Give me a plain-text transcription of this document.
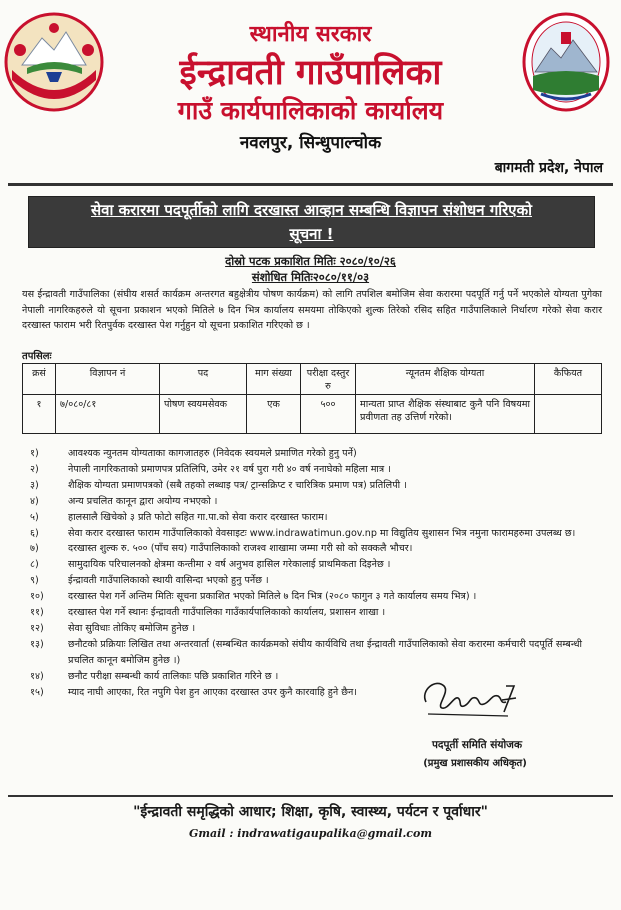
स्थानीय सरकार
ईन्द्रावती गाउँपालिका
गाउँ कार्यपालिकाको कार्यालय
नवलपुर, सिन्धुपाल्चोक
बागमती प्रदेश, नेपाल
सेवा करारमा पदपूर्तीको लागि दरखास्त आव्हान सम्बन्धि विज्ञापन संशोधन गरिएको
सूचना !
दोस्रो पटक प्रकाशित मितिः २०८०/१०/२६
संशोधित मितिः२०८०/११/०३
यस ईन्द्रावती गाउँपालिका (संघीय शसर्त कार्यक्रम अन्तरगत बहुक्षेत्रीय पोषण कार्यक्रम) को लागि तपशिल बमोजिम सेवा करारमा पदपूर्ति गर्नु पर्ने भएकोले योग्यता पुगेका नेपाली नागरिकहरुले यो सूचना प्रकाशन भएको मितिले ७ दिन भित्र कार्यालय समयमा तोकिएको शुल्क तिरेको रसिद सहित गाउँपालिकाले निर्धारण गरेको सेवा करार दरखास्त फाराम भरी रितपुर्वक दरखास्त पेश गर्नुहुन यो सूचना प्रकाशित गरिएको छ ।
तपसिलः
क्रसं	विज्ञापन नं	पद	माग संख्या	परीक्षा दस्तुर रु	न्यूनतम शैक्षिक योग्यता	कैफियत
१	७/०८०/८१	पोषण स्वयमसेवक	एक	५००	मान्यता प्राप्त शैक्षिक संस्थाबाट कुनै पनि विषयमा प्रवीणता तह उत्तिर्ण गरेको।	
१)	आवश्यक न्युनतम योग्यताका कागजातहरु (निवेदक स्वयमले प्रमाणित गरेको हुनु पर्ने)
२)	नेपाली नागरिकताको प्रमाणपत्र प्रतिलिपि, उमेर २१ वर्ष पुरा गरी ४० वर्ष ननाघेको महिला मात्र ।
३)	शैक्षिक योग्यता प्रमाणपत्रको (सबै तहको लब्धाइ पत्र/ ट्रान्सक्रिप्ट र चारित्रिक प्रमाण पत्र) प्रतिलिपी ।
४)	अन्य प्रचलित कानून द्वारा अयोग्य नभएको ।
५)	हालसालै खिचेको ३ प्रति फोटो सहित गा.पा.को सेवा करार दरखास्त फाराम।
६)	सेवा करार दरखास्त फाराम गाउँपालिकाको वेवसाइटः www.indrawatimun.gov.np मा विद्युतिय सुशासन भित्र नमुना फारामहरुमा उपलब्ध छ।
७)	दरखास्त शुल्क रु. ५०० (पाँच सय) गाउँपालिकाको राजश्व शाखामा जम्मा गरी सो को सक्कलै भौचर।
८)	सामुदायिक परिचालनको क्षेत्रमा कन्तीमा २ वर्ष अनुभव हासिल गरेकालाई प्राथमिकता दिइनेछ ।
९)	ईन्द्रावती गाउँपालिकाको स्थायी वासिन्दा भएको हुनु पर्नेछ ।
१०)	दरखास्त पेश गर्ने अन्तिम मितिः सूचना प्रकाशित भएको मितिले ७ दिन भित्र (२०८० फागुन ३ गते कार्यालय समय भित्र) ।
११)	दरखास्त पेश गर्ने स्थानः ईन्द्रावती गाउँपालिका गाउँकार्यपालिकाको कार्यालय, प्रशासन शाखा ।
१२)	सेवा सुविधाः तोकिए बमोजिम हुनेछ ।
१३)	छनौटको प्रक्रियाः लिखित तथा अन्तरवार्ता (सम्बन्धित कार्यक्रमको संघीय कार्यविधि तथा ईन्द्रावती गाउँपालिकाको सेवा करारमा कर्मचारी पदपूर्ति सम्बन्धी प्रचलित कानून बमोजिम हुनेछ ।)
१४)	छनौट परीक्षा सम्बन्धी कार्य तालिकाः पछि प्रकाशित गरिने छ ।
१५)	म्याद नाघी आएका, रित नपुगि पेश हुन आएका दरखास्त उपर कुनै कारवाहि हुने छैन।
पदपूर्ती समिति संयोजक
(प्रमुख प्रशासकीय अधिकृत)
"ईन्द्रावती समृद्धिको आधार; शिक्षा, कृषि, स्वास्थ्य, पर्यटन र पूर्वाधार"
Gmail : indrawatigaupalika@gmail.com
